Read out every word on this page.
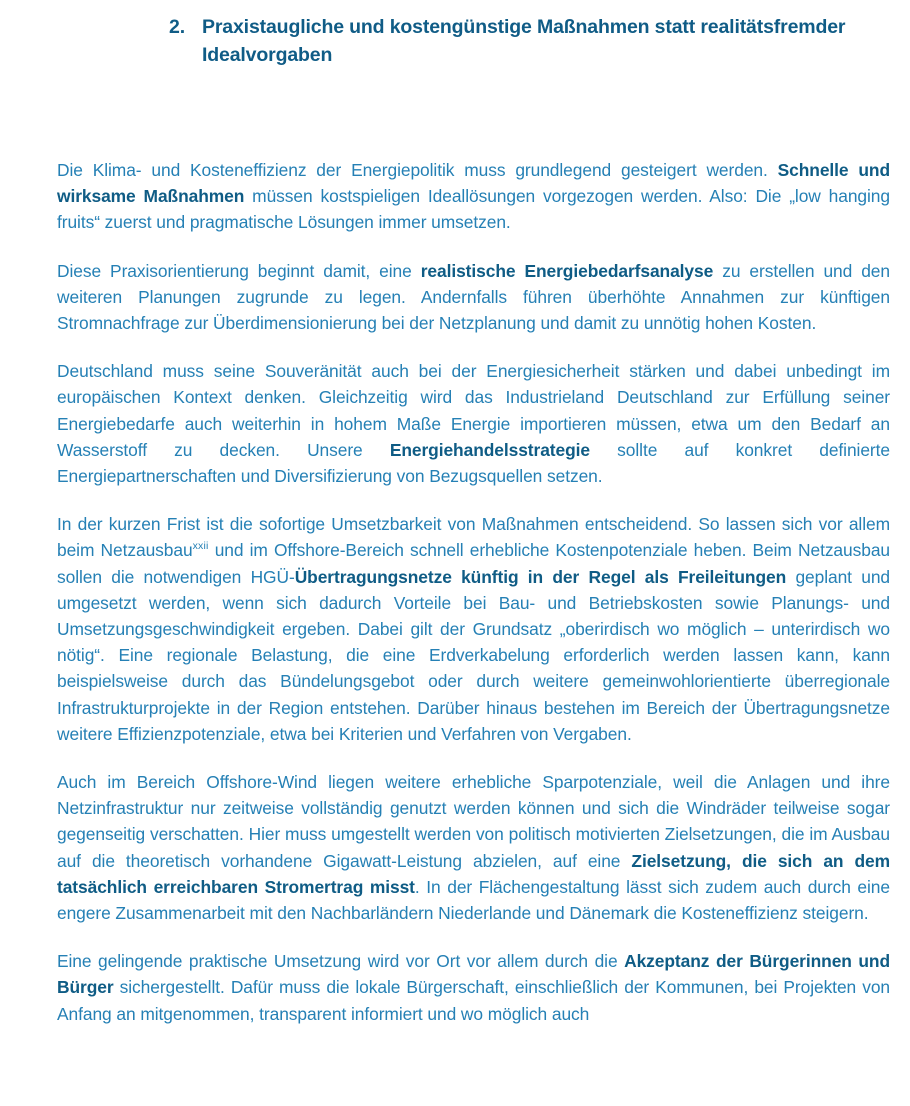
2. Praxistaugliche und kostengünstige Maßnahmen statt realitätsfremder Idealvorgaben

Die Klima- und Kosteneffizienz der Energiepolitik muss grundlegend gesteigert werden. Schnelle und wirksame Maßnahmen müssen kostspieligen Ideallösungen vorgezogen werden. Also: Die „low hanging fruits“ zuerst und pragmatische Lösungen immer umsetzen.

Diese Praxisorientierung beginnt damit, eine realistische Energiebedarfsanalyse zu erstellen und den weiteren Planungen zugrunde zu legen. Andernfalls führen überhöhte Annahmen zur künftigen Stromnachfrage zur Überdimensionierung bei der Netzplanung und damit zu unnötig hohen Kosten.

Deutschland muss seine Souveränität auch bei der Energiesicherheit stärken und dabei unbedingt im europäischen Kontext denken. Gleichzeitig wird das Industrieland Deutschland zur Erfüllung seiner Energiebedarfe auch weiterhin in hohem Maße Energie importieren müssen, etwa um den Bedarf an Wasserstoff zu decken. Unsere Energiehandelsstrategie sollte auf konkret definierte Energiepartnerschaften und Diversifizierung von Bezugsquellen setzen.

In der kurzen Frist ist die sofortige Umsetzbarkeit von Maßnahmen entscheidend. So lassen sich vor allem beim Netzausbau$^{xxii}$ und im Offshore-Bereich schnell erhebliche Kostenpotenziale heben. Beim Netzausbau sollen die notwendigen HGÜ-Übertragungsnetze künftig in der Regel als Freileitungen geplant und umgesetzt werden, wenn sich dadurch Vorteile bei Bau- und Betriebskosten sowie Planungs- und Umsetzungsgeschwindigkeit ergeben. Dabei gilt der Grundsatz „oberirdisch wo möglich – unterirdisch wo nötig“. Eine regionale Belastung, die eine Erdverkabelung erforderlich werden lassen kann, kann beispielsweise durch das Bündelungsgebot oder durch weitere gemeinwohlorientierte überregionale Infrastrukturprojekte in der Region entstehen. Darüber hinaus bestehen im Bereich der Übertragungsnetze weitere Effizienzpotenziale, etwa bei Kriterien und Verfahren von Vergaben.

Auch im Bereich Offshore-Wind liegen weitere erhebliche Sparpotenziale, weil die Anlagen und ihre Netzinfrastruktur nur zeitweise vollständig genutzt werden können und sich die Windräder teilweise sogar gegenseitig verschatten. Hier muss umgestellt werden von politisch motivierten Zielsetzungen, die im Ausbau auf die theoretisch vorhandene Gigawatt-Leistung abzielen, auf eine Zielsetzung, die sich an dem tatsächlich erreichbaren Stromertrag misst. In der Flächengestaltung lässt sich zudem auch durch eine engere Zusammenarbeit mit den Nachbarländern Niederlande und Dänemark die Kosteneffizienz steigern.

Eine gelingende praktische Umsetzung wird vor Ort vor allem durch die Akzeptanz der Bürgerinnen und Bürger sichergestellt. Dafür muss die lokale Bürgerschaft, einschließlich der Kommunen, bei Projekten von Anfang an mitgenommen, transparent informiert und wo möglich auch
